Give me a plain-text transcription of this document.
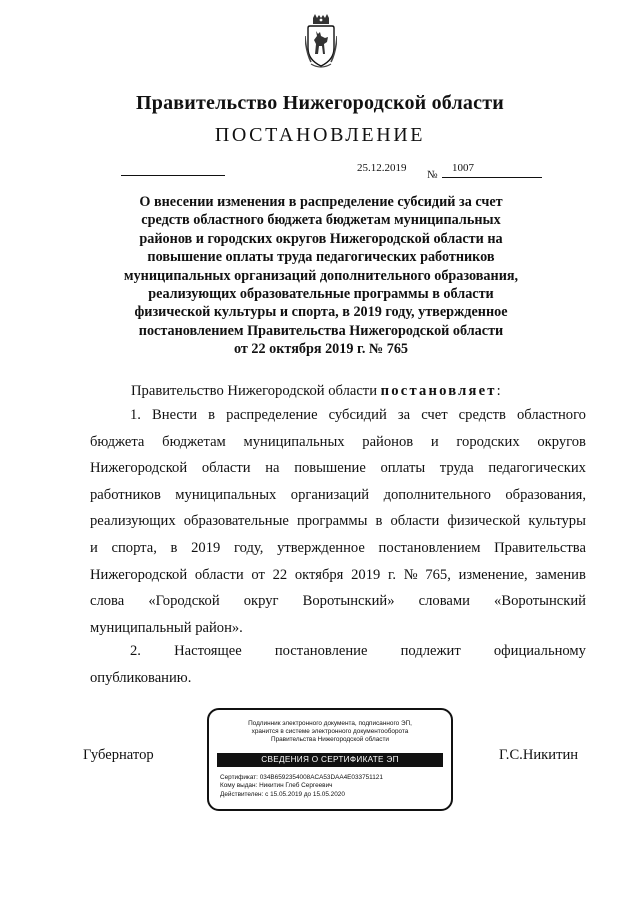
Правительство Нижегородской области
ПОСТАНОВЛЕНИЕ
25.12.2019
№
1007
О внесении изменения в распределение субсидий за счет
средств областного бюджета бюджетам муниципальных
районов и городских округов Нижегородской области на
повышение оплаты труда педагогических работников
муниципальных организаций дополнительного образования,
реализующих образовательные программы в области
физической культуры и спорта, в 2019 году, утвержденное
постановлением Правительства Нижегородской области
от 22 октября 2019 г. № 765
Правительство Нижегородской области постановляет:
1. Внести в распределение субсидий за счет средств областного
бюджета бюджетам муниципальных районов и городских округов
Нижегородской области на повышение оплаты труда педагогических
работников муниципальных организаций дополнительного образования,
реализующих образовательные программы в области физической культуры
и спорта, в 2019 году, утвержденное постановлением Правительства
Нижегородской области от 22 октября 2019 г. № 765, изменение, заменив
слова «Городской округ Воротынский» словами «Воротынский
муниципальный район».
2. Настоящее постановление подлежит официальному
опубликованию.
Губернатор	Г.С.Никитин
Подлинник электронного документа, подписанного ЭП,
хранится в системе электронного документооборота
Правительства Нижегородской области
СВЕДЕНИЯ О СЕРТИФИКАТЕ ЭП
Сертификат: 034B6592354008ACA53DAA4E033751121
Кому выдан: Никитин Глеб Сергеевич
Действителен: с 15.05.2019 до 15.05.2020
